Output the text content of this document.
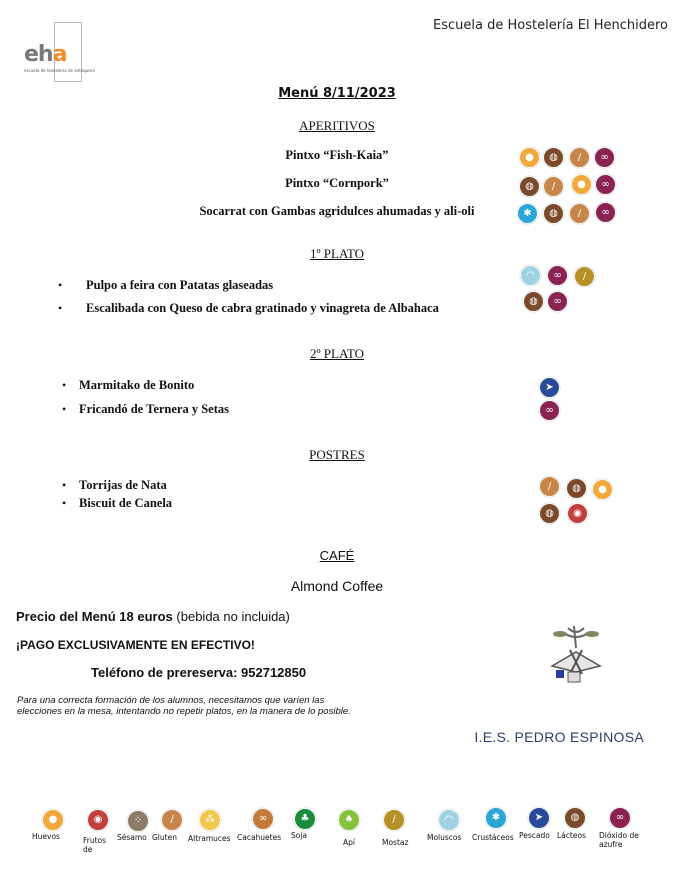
Escuela de Hostelería El Henchidero
eha
escuela de hostelería de antequera
Menú 8/11/2023
APERITIVOS
Pintxo “Fish-Kaia”
Pintxo “Cornpork”
Socarrat con Gambas agridulces ahumadas y ali-oli
●	◍	/	∞
◍	/	●	∞
✱	◍	/	∞
1º PLATO
• Pulpo a feira con Patatas glaseadas
• Escalibada con Queso de cabra gratinado y vinagreta de Albahaca
◠	∞	/
◍	∞
2º PLATO
• Marmitako de Bonito
• Fricandó de Ternera y Setas
➤
∞
POSTRES
• Torrijas de Nata
• Biscuit de Canela
/	◍	●
◍	◉
CAFÉ
Almond Coffee
Precio del Menú 18 euros (bebida no incluida)
¡PAGO EXCLUSIVAMENTE EN EFECTIVO!
Teléfono de prereserva: 952712850
Para una correcta formación de los alumnos, necesitamos que varíen las elecciones en la mesa, intentando no repetir platos, en la manera de lo posible.
I.E.S. PEDRO ESPINOSA
●
Huevos
◉
Frutos de
⁘
Sésamo
/
Gluten
⁂
Altramuces
∞
Cacahuetes
♣
Soja
♠
Apí
/
Mostaz
◠
Moluscos
✱
Crustáceos
➤
Pescado
◍
Lácteos
∞
Dióxido de azufre
